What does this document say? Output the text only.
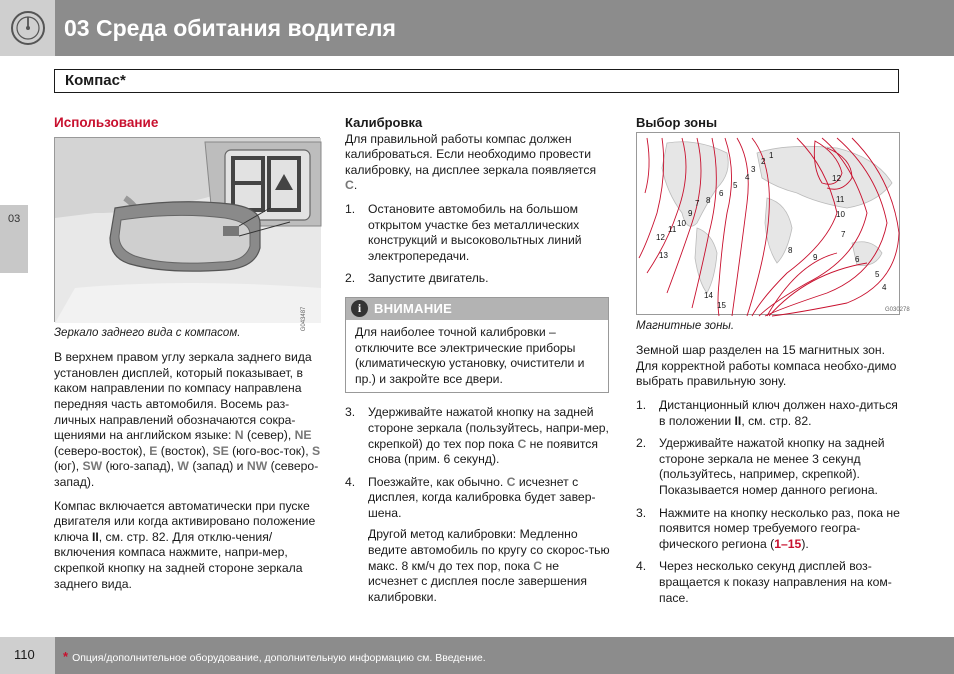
03 Среда обитания водителя
03
Компас*
Использование
G043487

Зеркало заднего вида с компасом.

В верхнем правом углу зеркала заднего вида установлен дисплей, который показывает, в каком направлении по компасу направлена передняя часть автомобиля. Восемь раз-личных направлений обозначаются сокра-щениями на английском языке: N (север), NE (северо-восток), E (восток), SE (юго-вос-ток), S (юг), SW (юго-запад), W (запад) и NW (северо-запад).

Компас включается автоматически при пуске двигателя или когда активировано положение ключа II, см. стр. 82. Для отклю-чения/включения компаса нажмите, напри-мер, скрепкой кнопку на задней стороне зеркала заднего вида.

Калибровка

Для правильной работы компас должен калиброваться. Если необходимо провести калибровку, на дисплее зеркала появляется C.

1. Остановите автомобиль на большом открытом участке без металлических конструкций и высоковольтных линий электропередачи.
2. Запустите двигатель.
i ВНИМАНИЕ
Для наиболее точной калибровки – отключите все электрические приборы (климатическую установку, очистители и пр.) и закройте все двери.
3. Удерживайте нажатой кнопку на задней стороне зеркала (пользуйтесь, напри-мер, скрепкой) до тех пор пока C не появится снова (прим. 6 секунд).
4. Поезжайте, как обычно. C исчезнет с дисплея, когда калибровка будет завер-шена.

Другой метод калибровки: Медленно ведите автомобиль по кругу со скорос-тью макс. 8 км/ч до тех пор, пока C не исчезнет с дисплея после завершения калибровки.

Выбор зоны
1
2
3
4
5
6
7 8
9
10
11
12
13
14
15
9
8
10
11
12
7
6
5
4
G030278

Магнитные зоны.

Земной шар разделен на 15 магнитных зон. Для корректной работы компаса необхо-димо выбрать правильную зону.

1. Дистанционный ключ должен нахо-диться в положении II, см. стр. 82.
2. Удерживайте нажатой кнопку на задней стороне зеркала не менее 3 секунд (пользуйтесь, например, скрепкой). Показывается номер данного региона.
3. Нажмите на кнопку несколько раз, пока не появится номер требуемого геогра-фического региона (1–15).
4. Через несколько секунд дисплей воз-вращается к показу направления на ком-пасе.
110 * Опция/дополнительное оборудование, дополнительную информацию см. Введение.
